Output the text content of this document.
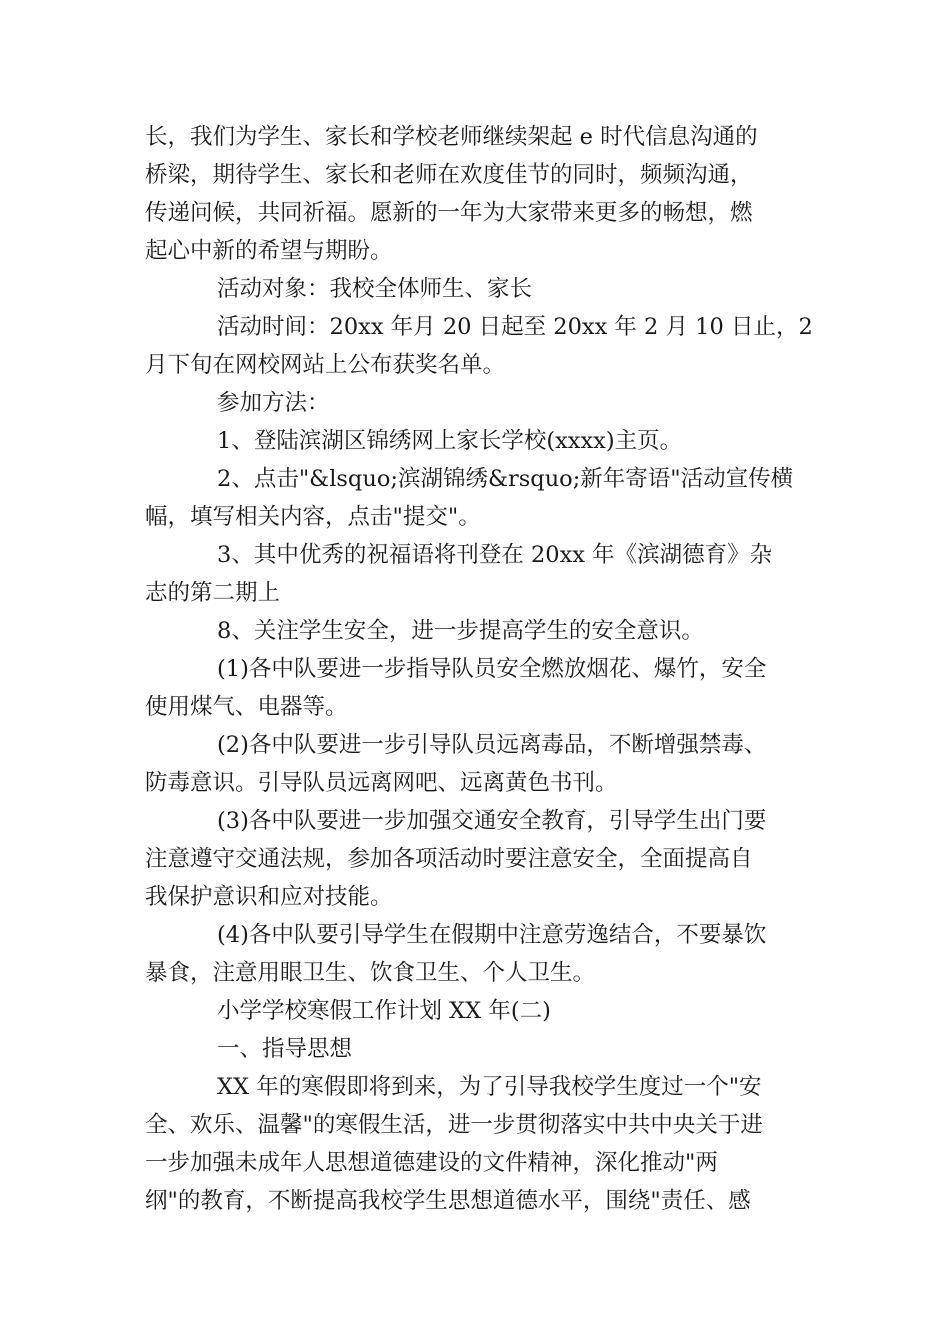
长，我们为学生、家长和学校老师继续架起 e 时代信息沟通的
桥梁，期待学生、家长和老师在欢度佳节的同时，频频沟通，
传递问候，共同祈福。愿新的一年为大家带来更多的畅想，燃
起心中新的希望与期盼。
活动对象：我校全体师生、家长
活动时间：20xx 年月 20 日起至 20xx 年 2 月 10 日止，2
月下旬在网校网站上公布获奖名单。
参加方法：
1、登陆滨湖区锦绣网上家长学校(xxxx)主页。
2、点击"&lsquo;滨湖锦绣&rsquo;新年寄语"活动宣传横
幅，填写相关内容，点击"提交"。
3、其中优秀的祝福语将刊登在 20xx 年《滨湖德育》杂
志的第二期上
8、关注学生安全，进一步提高学生的安全意识。
(1)各中队要进一步指导队员安全燃放烟花、爆竹，安全
使用煤气、电器等。
(2)各中队要进一步引导队员远离毒品，不断增强禁毒、
防毒意识。引导队员远离网吧、远离黄色书刊。
(3)各中队要进一步加强交通安全教育，引导学生出门要
注意遵守交通法规，参加各项活动时要注意安全，全面提高自
我保护意识和应对技能。
(4)各中队要引导学生在假期中注意劳逸结合，不要暴饮
暴食，注意用眼卫生、饮食卫生、个人卫生。
小学学校寒假工作计划 XX 年(二)
一、指导思想
XX 年的寒假即将到来，为了引导我校学生度过一个"安
全、欢乐、温馨"的寒假生活，进一步贯彻落实中共中央关于进
一步加强未成年人思想道德建设的文件精神，深化推动"两
纲"的教育，不断提高我校学生思想道德水平，围绕"责任、感
